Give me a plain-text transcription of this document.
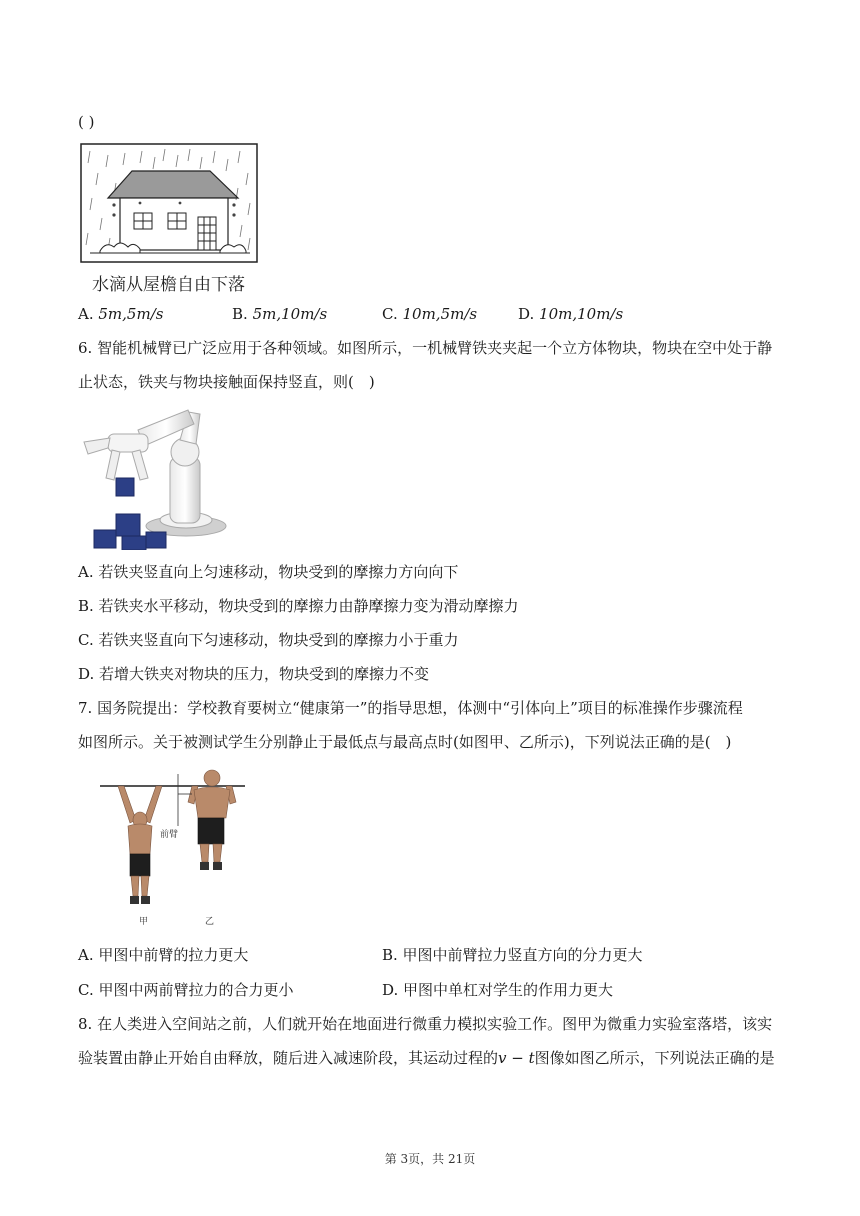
( )
水滴从屋檐自由下落
A. 5m,5m/s	B. 5m,10m/s	C. 10m,5m/s	D. 10m,10m/s
6. 智能机械臂已广泛应用于各种领域。如图所示，一机械臂铁夹夹起一个立方体物块，物块在空中处于静
止状态，铁夹与物块接触面保持竖直，则(　)
A. 若铁夹竖直向上匀速移动，物块受到的摩擦力方向向下
B. 若铁夹水平移动，物块受到的摩擦力由静摩擦力变为滑动摩擦力
C. 若铁夹竖直向下匀速移动，物块受到的摩擦力小于重力
D. 若增大铁夹对物块的压力，物块受到的摩擦力不变
7. 国务院提出：学校教育要树立“健康第一”的指导思想，体测中“引体向上”项目的标准操作步骤流程
如图所示。关于被测试学生分别静止于最低点与最高点时(如图甲、乙所示)，下列说法正确的是(　)
前臂
甲	乙
A. 甲图中前臂的拉力更大	B. 甲图中前臂拉力竖直方向的分力更大
C. 甲图中两前臂拉力的合力更小	D. 甲图中单杠对学生的作用力更大
8. 在人类进入空间站之前，人们就开始在地面进行微重力模拟实验工作。图甲为微重力实验室落塔，该实
验装置由静止开始自由释放，随后进入减速阶段，其运动过程的v − t图像如图乙所示，下列说法正确的是
第 3页，共 21页
